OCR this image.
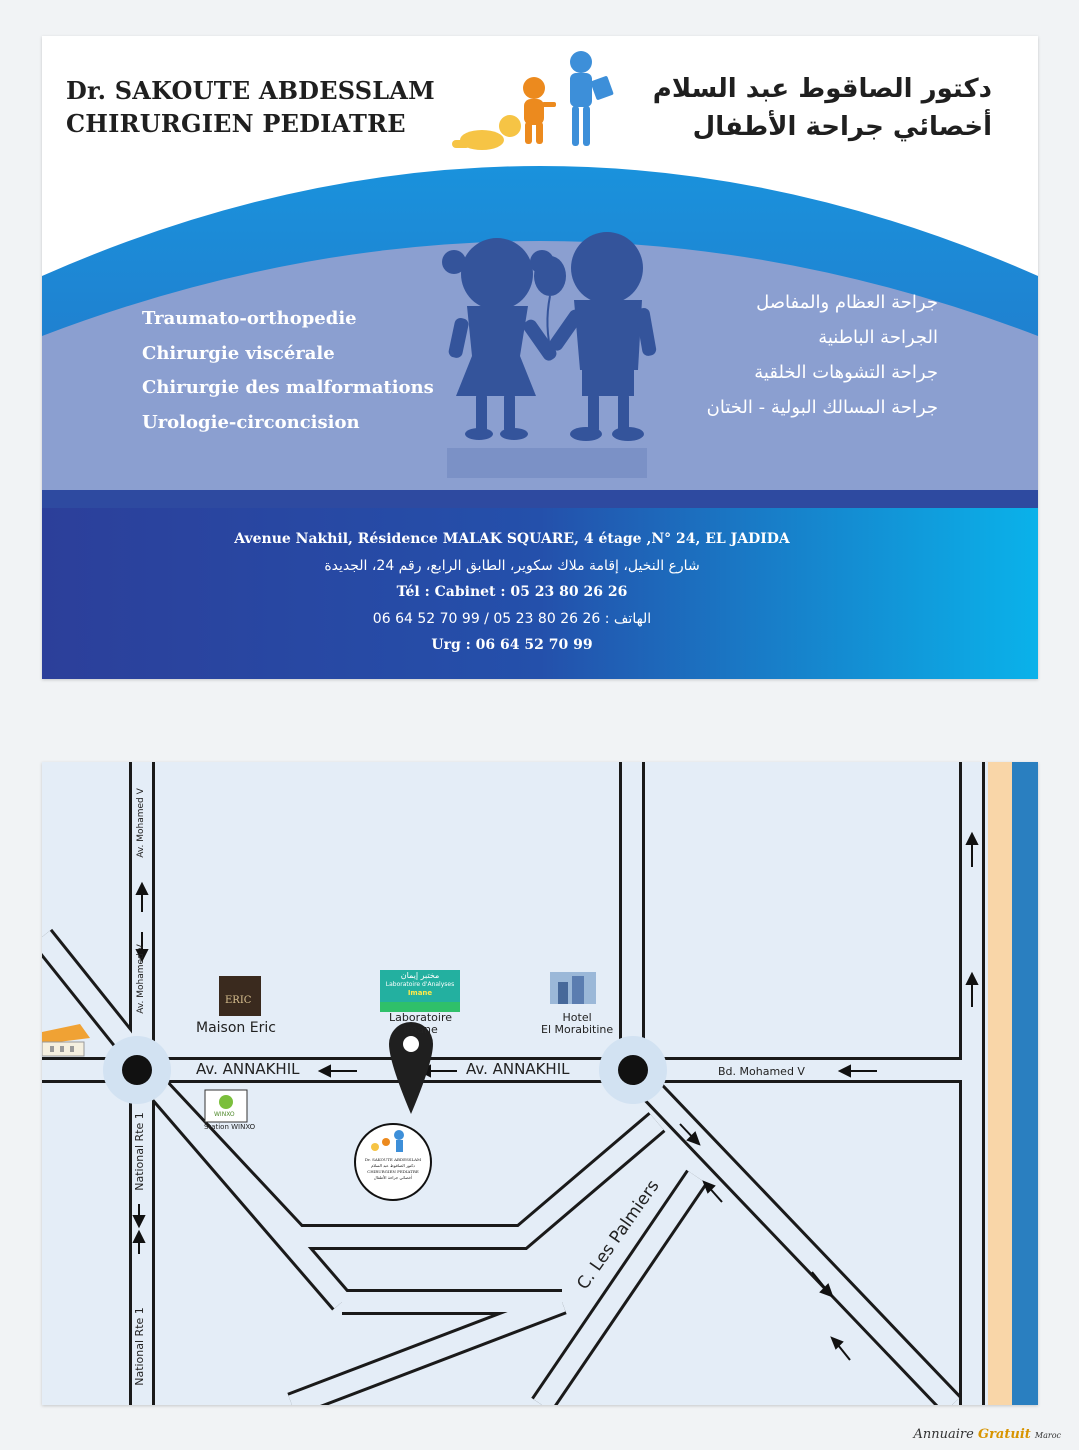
Dr. SAKOUTE ABDESSLAM
CHIRURGIEN PEDIATRE
دكتور الصاقوط عبد السلام
أخصائي جراحة الأطفال
Traumato-orthopedie
Chirurgie viscérale
Chirurgie des malformations
Urologie-circoncision
جراحة العظام والمفاصل
الجراحة الباطنية
جراحة التشوهات الخلقية
جراحة المسالك البولية - الختان
Avenue Nakhil, Résidence MALAK SQUARE, 4 étage ,N° 24, EL JADIDA
شارع النخيل، إقامة ملاك سكوير، الطابق الرابع، رقم 24، الجديدة
Tél : Cabinet : 05 23 80 26 26
الهاتف : 26 26 80 23 05 / 99 70 52 64 06
Urg : 06 64 52 70 99
Av. Mohamed V
Av. Mohamed V
Av. ANNAKHIL	Av. ANNAKHIL	Bd. Mohamed V
National Rte 1
National Rte 1
C. Les Palmiers
Maison Eric
Laboratoire
Imane
Hotel
El Morabitine
Station WINXO
ERIC
WINXO
مختبر إيمان
Laboratoire d'Analyses
Imane
Dr. SAKOUTE ABDESSLAM
دكتور الصاقوط عبد السلام
CHIRURGIEN PEDIATRE
أخصائي جراحة الأطفال
Annuaire Gratuit Maroc
